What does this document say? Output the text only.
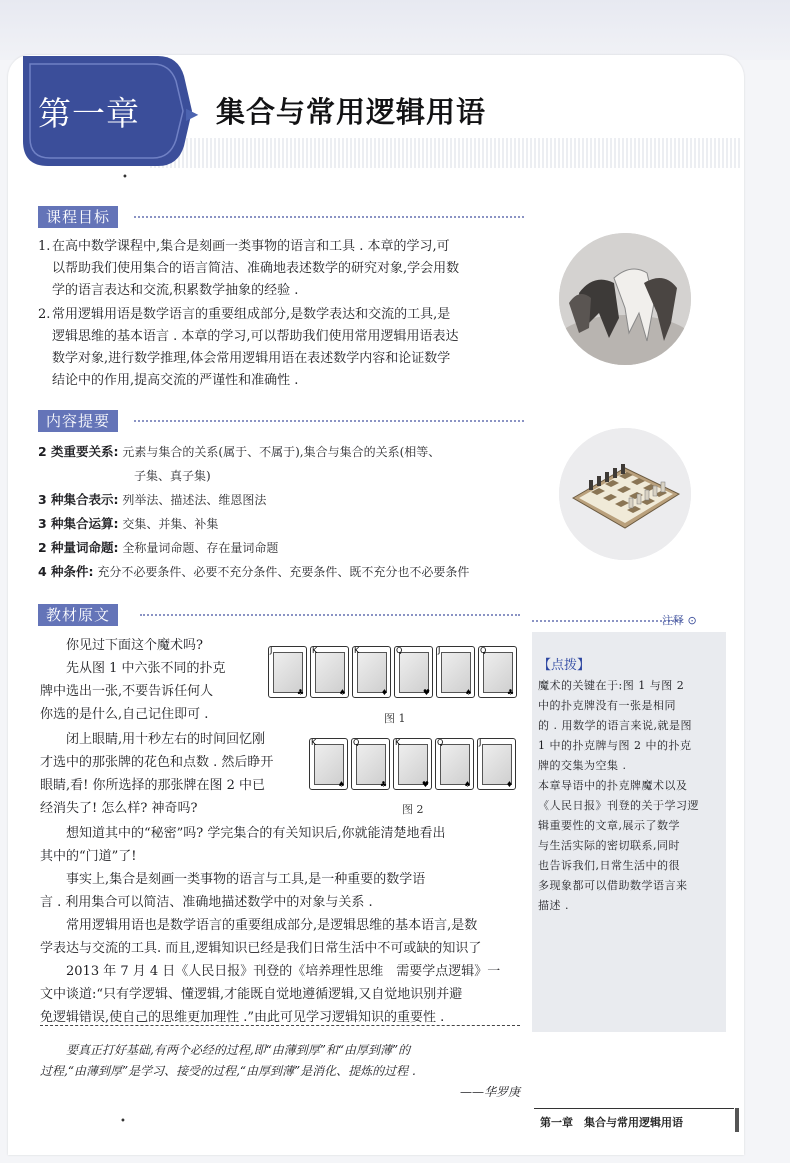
第一章	▶ 集合与常用逻辑用语
•
课程目标
1. 在高中数学课程中,集合是刻画一类事物的语言和工具 . 本章的学习,可
以帮助我们使用集合的语言简洁、准确地表述数学的研究对象,学会用数
学的语言表达和交流,积累数学抽象的经验 .
2. 常用逻辑用语是数学语言的重要组成部分,是数学表达和交流的工具,是
逻辑思维的基本语言 . 本章的学习,可以帮助我们使用常用逻辑用语表达
数学对象,进行数学推理,体会常用逻辑用语在表述数学内容和论证数学
结论中的作用,提高交流的严谨性和准确性 .
内容提要
2 类重要关系: 元素与集合的关系(属于、不属于),集合与集合的关系(相等、
子集、真子集)
3 种集合表示: 列举法、描述法、维恩图法
3 种集合运算: 交集、并集、补集
2 种量词命题: 全称量词命题、存在量词命题
4 种条件: 充分不必要条件、必要不充分条件、充要条件、既不充分也不必要条件
教材原文
你见过下面这个魔术吗?
先从图 1 中六张不同的扑克
牌中选出一张,不要告诉任何人
你选的是什么,自己记住即可 .
闭上眼睛,用十秒左右的时间回忆刚
才选中的那张牌的花色和点数 . 然后睁开
眼睛,看! 你所选择的那张牌在图 2 中已
经消失了! 怎么样? 神奇吗?
J
♣
K
♠
K
♦
Q
♥
J
♠
Q
♣
图 1
K
♠
Q
♣
K
♥
Q
♠
J
♦
图 2
想知道其中的“秘密”吗? 学完集合的有关知识后,你就能清楚地看出
其中的“门道”了!
事实上,集合是刻画一类事物的语言与工具,是一种重要的数学语
言 . 利用集合可以简洁、准确地描述数学中的对象与关系 .
常用逻辑用语也是数学语言的重要组成部分,是逻辑思维的基本语言,是数
学表达与交流的工具. 而且,逻辑知识已经是我们日常生活中不可或缺的知识了
2013 年 7 月 4 日《人民日报》刊登的《培养理性思维　需要学点逻辑》一
文中谈道:“只有学逻辑、懂逻辑,才能既自觉地遵循逻辑,又自觉地识别并避
免逻辑错误,使自己的思维更加理性 .”由此可见学习逻辑知识的重要性 .
注释 ⊙
【点拨】
魔术的关键在于:图 1 与图 2
中的扑克牌没有一张是相同
的 . 用数学的语言来说,就是图
1 中的扑克牌与图 2 中的扑克
牌的交集为空集 .
本章导语中的扑克牌魔术以及
《人民日报》刊登的关于学习逻
辑重要性的文章,展示了数学
与生活实际的密切联系,同时
也告诉我们,日常生活中的很
多现象都可以借助数学语言来
描述 .
要真正打好基础,有两个必经的过程,即“由薄到厚”和“由厚到薄”的
过程,“由薄到厚”是学习、接受的过程,“由厚到薄”是消化、提炼的过程 .
——华罗庚
•	第一章　集合与常用逻辑用语
